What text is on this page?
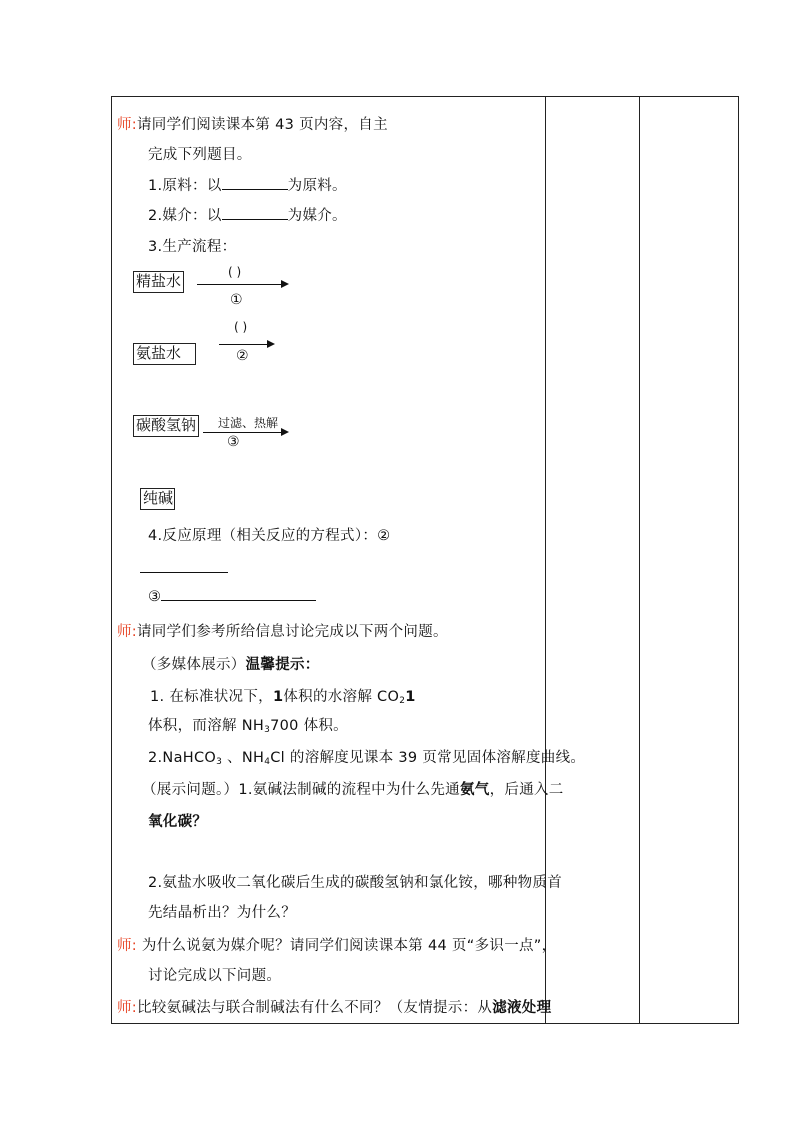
师:请同学们阅读课本第 43 页内容，自主
完成下列题目。
1.原料：以	为原料。
2.媒介：以	为媒介。
3.生产流程：
精盐水	( )
①
( )
②
氨盐水
碳酸氢钠 过滤、热解
③
纯碱
4.反应原理（相关反应的方程式）：②
③
师:请同学们参考所给信息讨论完成以下两个问题。
（多媒体展示）温馨提示：
1. 在标准状况下，1体积的水溶解 $CO_21$
体积，而溶解 $NH_3700$ 体积。
2.NaHCO$_3$ 、$NH_4Cl$ 的溶解度见课本 39 页常见固体溶解度曲线。
（展示问题。）1.氨碱法制碱的流程中为什么先通氨气，后通入二
氧化碳？
2.氨盐水吸收二氧化碳后生成的碳酸氢钠和氯化铵，哪种物质首
先结晶析出？为什么？
师: 为什么说氨为媒介呢？请同学们阅读课本第 44 页“多识一点”，
讨论完成以下问题。
师:比较氨碱法与联合制碱法有什么不同？（友情提示：从滤液处理
